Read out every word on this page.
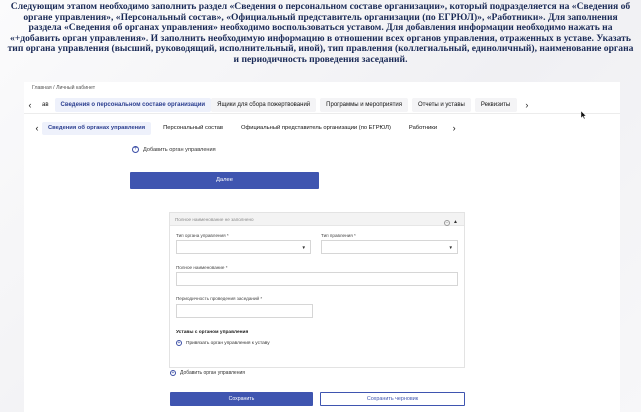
Следующим этапом необходимо заполнить раздел «Сведения о персональном составе организации», который подразделяется на «Сведения об органе управления», «Персональный состав», «Официальный представитель организации (по ЕГРЮЛ)», «Работники». Для заполнения раздела «Сведения об органах управления» необходимо воспользоваться уставом. Для добавления информации необходимо нажать на «+добавить орган управления». И заполнить необходимую информацию в отношении всех органов управления, отраженных в уставе. Указать тип органа управления (высший, руководящий, исполнительный, иной), тип правления (коллегиальный, единоличный), наименование органа и периодичность проведения заседаний.
Главная / Личный кабинет
‹	ав	Сведения о персональном составе организации	Ящики для сбора пожертвований	Программы и мероприятия	Отчеты и уставы	Реквизиты	›
‹	Сведения об органах управления	Персональный состав	Официальный представитель организации (по ЕГРЮЛ)	Работники	›
+	Добавить орган управления
Далее
Полное наименование не заполнено	− ▲
Тип органа управления *
▼
Тип правления *
▼
Полное наименование *
Периодичность проведения заседаний *
Уставы с органом управления
+	Привязать орган управления к уставу
+	Добавить орган управления
Сохранить	Сохранить черновик
